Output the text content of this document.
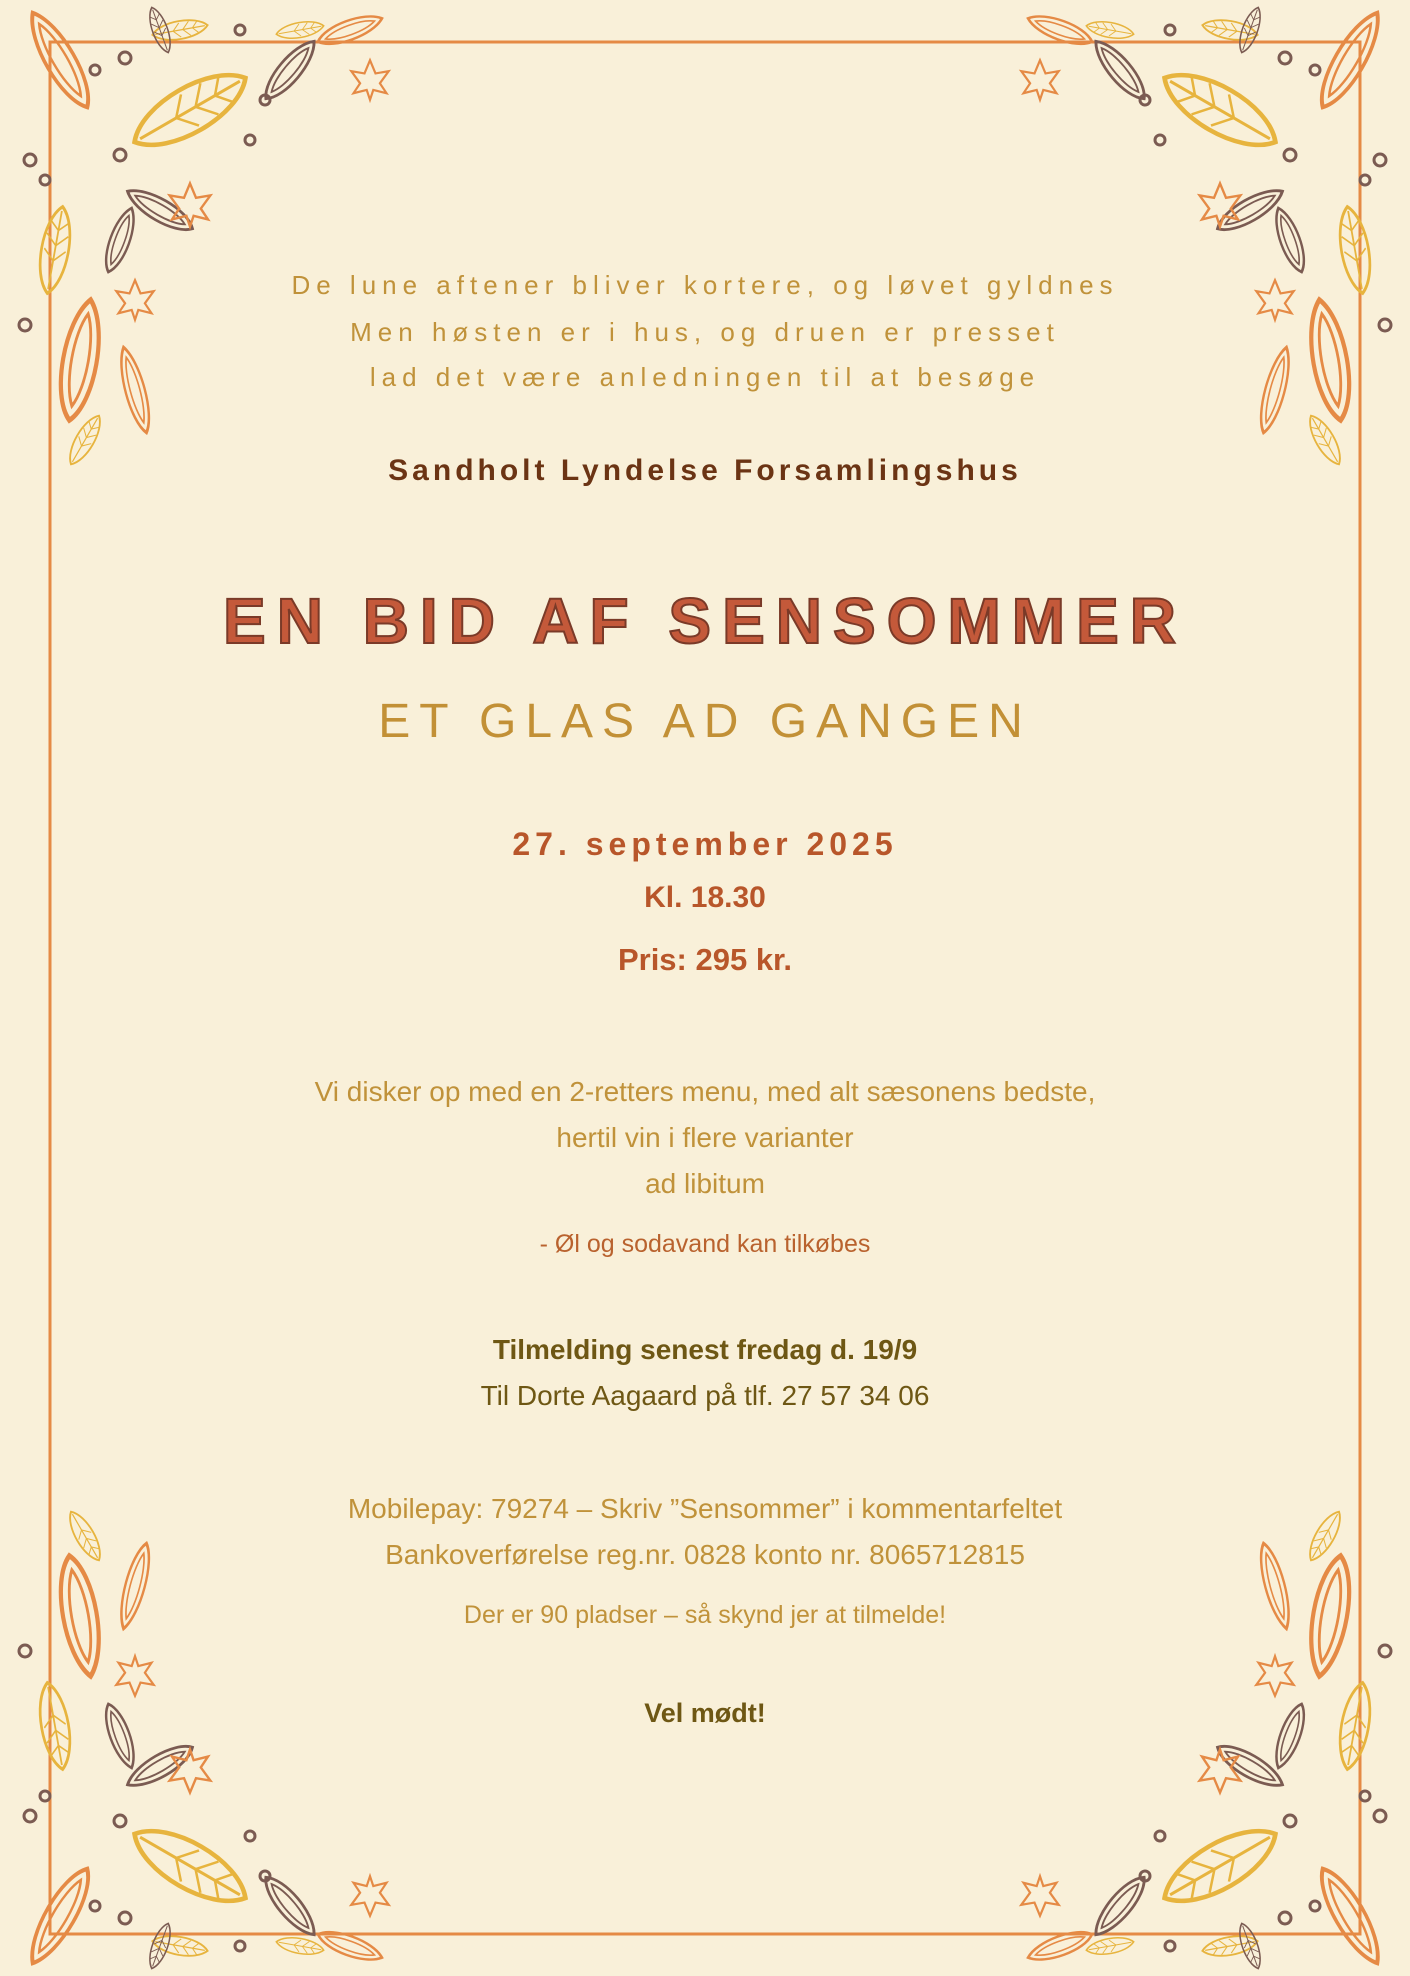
De lune aftener bliver kortere, og løvet gyldnes

Men høsten er i hus, og druen er presset

lad det være anledningen til at besøge

Sandholt Lyndelse Forsamlingshus

EN BID AF SENSOMMER

ET GLAS AD GANGEN

27. september 2025

Kl. 18.30

Pris: 295 kr.

Vi disker op med en 2-retters menu, med alt sæsonens bedste,

hertil vin i flere varianter

ad libitum

- Øl og sodavand kan tilkøbes

Tilmelding senest fredag d. 19/9

Til Dorte Aagaard på tlf. 27 57 34 06

Mobilepay: 79274 – Skriv ”Sensommer” i kommentarfeltet

Bankoverførelse reg.nr. 0828 konto nr. 8065712815

Der er 90 pladser – så skynd jer at tilmelde!

Vel mødt!
